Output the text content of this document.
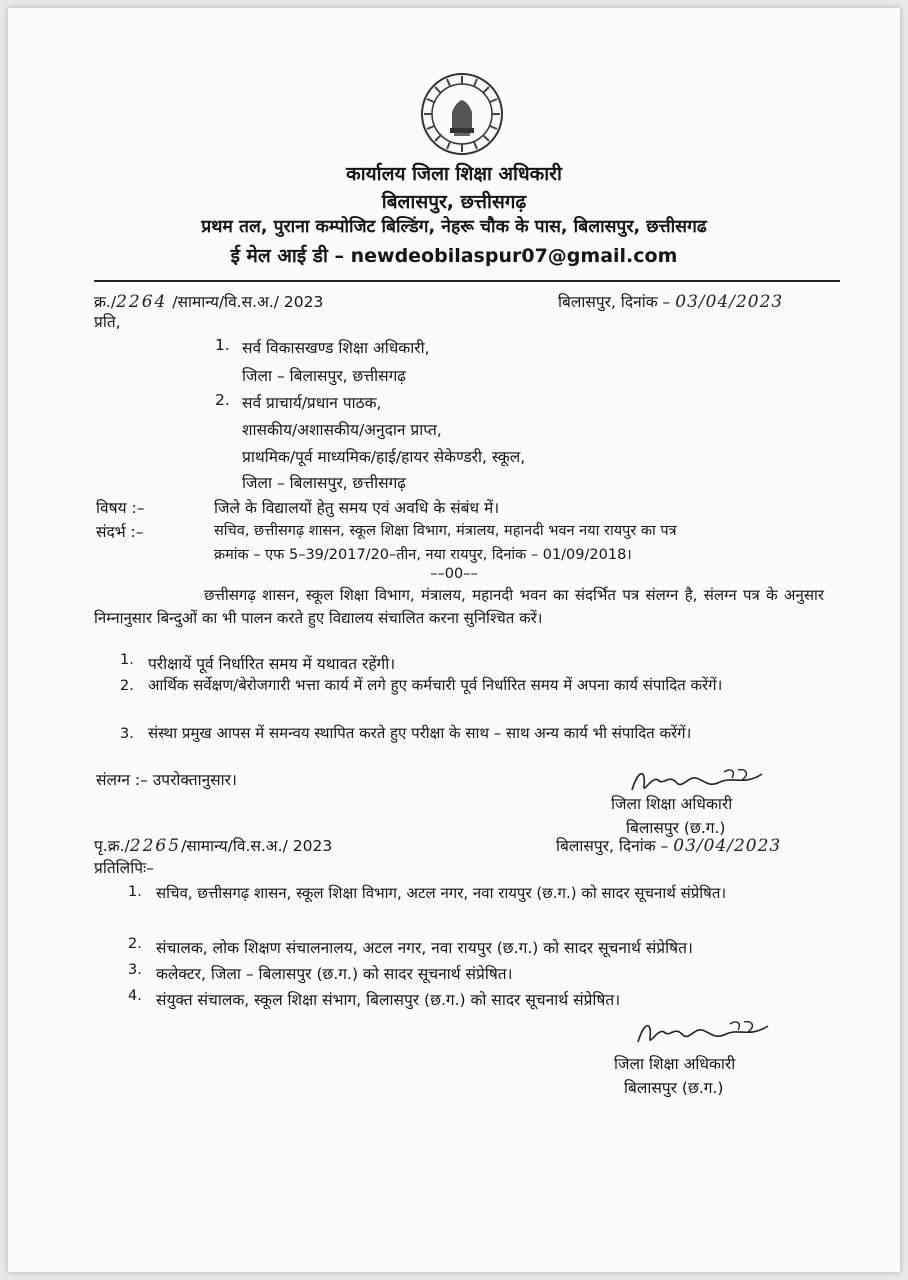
कार्यालय जिला शिक्षा अधिकारी
बिलासपुर, छत्तीसगढ़
प्रथम तल, पुराना कम्पोजिट बिल्डिंग, नेहरू चौक के पास, बिलासपुर, छत्तीसगढ
ई मेल आई डी – newdeobilaspur07@gmail.com
क्र./2264 /सामान्य/वि.स.अ./ 2023	बिलासपुर, दिनांक – 03/04/2023
प्रति,
1. सर्व विकासखण्ड शिक्षा अधिकारी,
जिला – बिलासपुर, छत्तीसगढ़
2. सर्व प्राचार्य/प्रधान पाठक,
शासकीय/अशासकीय/अनुदान प्राप्त,
प्राथमिक/पूर्व माध्यमिक/हाई/हायर सेकेण्डरी, स्कूल,
जिला – बिलासपुर, छत्तीसगढ़
विषय :–	जिले के विद्यालयों हेतु समय एवं अवधि के संबंध में।
संदर्भ :–	सचिव, छत्तीसगढ़ शासन, स्कूल शिक्षा विभाग, मंत्रालय, महानदी भवन नया रायपुर का पत्र
क्रमांक – एफ 5–39/2017/20–तीन, नया रायपुर, दिनांक – 01/09/2018।
––00––
छत्तीसगढ़ शासन, स्कूल शिक्षा विभाग, मंत्रालय, महानदी भवन का संदर्भित पत्र संलग्न है, संलग्न पत्र के अनुसार निम्नानुसार बिन्दुओं का भी पालन करते हुए विद्यालय संचालित करना सुनिश्चित करें।
1. परीक्षायें पूर्व निर्धारित समय में यथावत रहेंगी।
2. आर्थिक सर्वेक्षण/बेरोजगारी भत्ता कार्य में लगे हुए कर्मचारी पूर्व निर्धारित समय में अपना कार्य संपादित करेंगें।
3. संस्था प्रमुख आपस में समन्वय स्थापित करते हुए परीक्षा के साथ – साथ अन्य कार्य भी संपादित करेंगें।
संलग्न :– उपरोक्तानुसार।
जिला शिक्षा अधिकारी
बिलासपुर (छ.ग.)
पृ.क्र./2265/सामान्य/वि.स.अ./ 2023	बिलासपुर, दिनांक – 03/04/2023
प्रतिलिपिः–
1. सचिव, छत्तीसगढ़ शासन, स्कूल शिक्षा विभाग, अटल नगर, नवा रायपुर (छ.ग.) को सादर सूचनार्थ संप्रेषित।
2. संचालक, लोक शिक्षण संचालनालय, अटल नगर, नवा रायपुर (छ.ग.) को सादर सूचनार्थ संप्रेषित।
3. कलेक्टर, जिला – बिलासपुर (छ.ग.) को सादर सूचनार्थ संप्रेषित।
4. संयुक्त संचालक, स्कूल शिक्षा संभाग, बिलासपुर (छ.ग.) को सादर सूचनार्थ संप्रेषित।
जिला शिक्षा अधिकारी
बिलासपुर (छ.ग.)
